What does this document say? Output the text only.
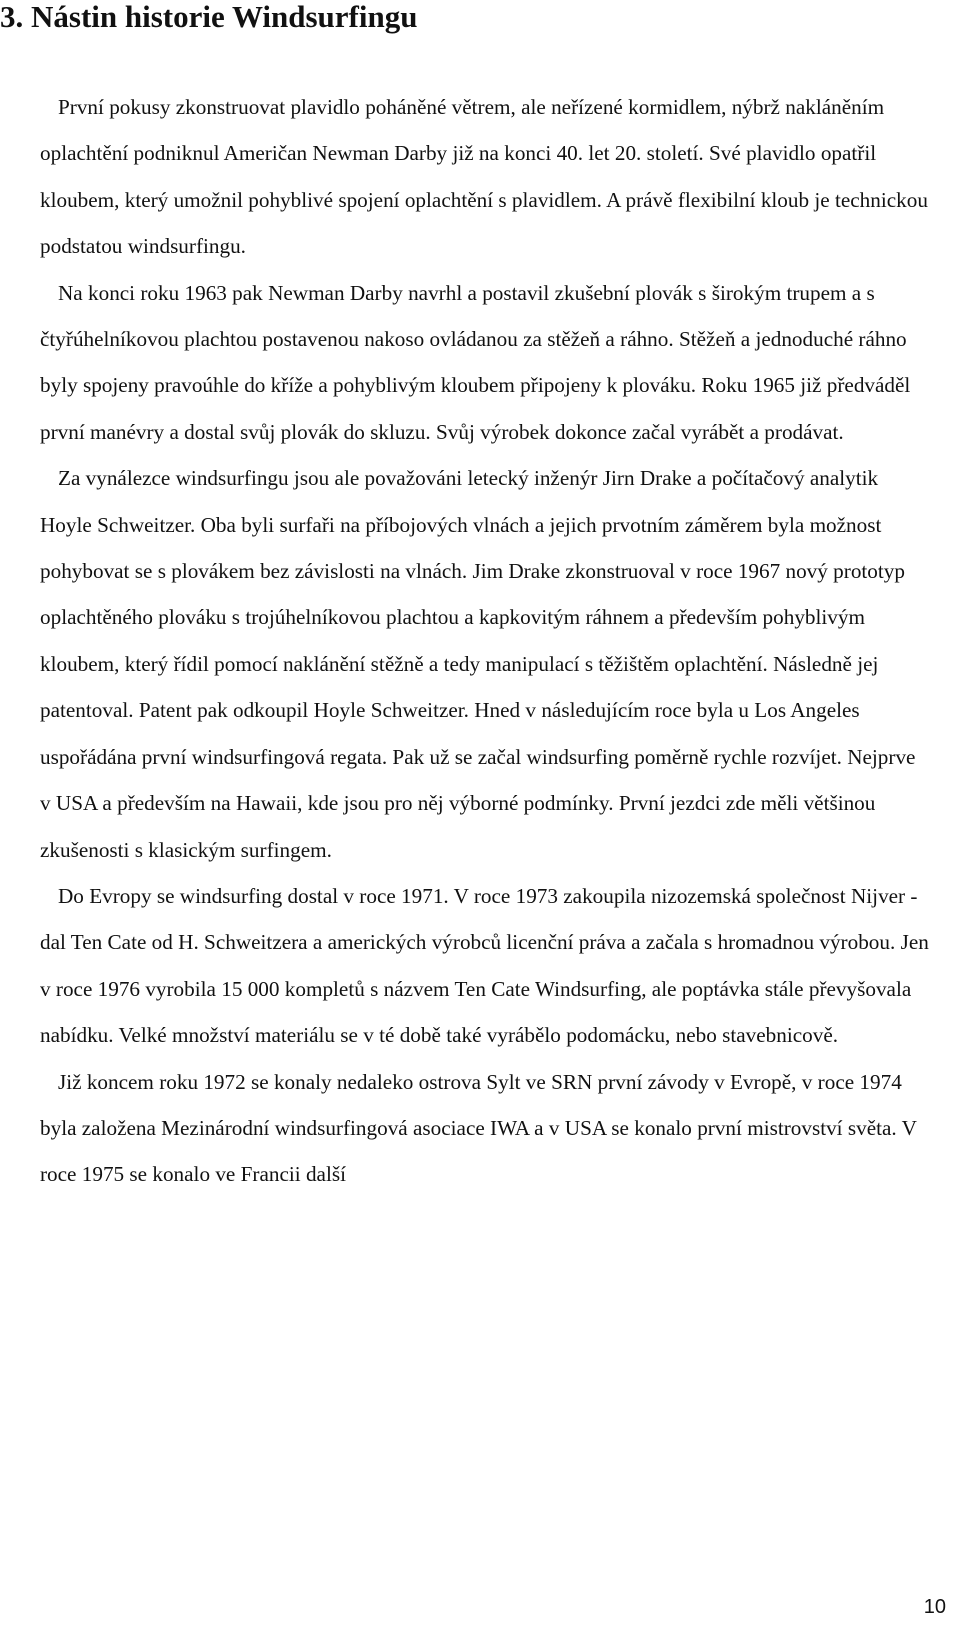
3. Nástin historie Windsurfingu

První pokusy zkonstruovat plavidlo poháněné větrem, ale neřízené kormidlem, nýbrž nakláněním oplachtění podniknul Američan Newman Darby již na konci 40. let 20. století. Své plavidlo opatřil kloubem, který umožnil pohyblivé spojení oplachtění s plavidlem. A právě flexibilní kloub je technickou podstatou windsurfingu.

Na konci roku 1963 pak Newman Darby navrhl a postavil zkušební plovák s širokým trupem a s čtyřúhelníkovou plachtou postavenou nakoso ovládanou za stěžeň a ráhno. Stěžeň a jednoduché ráhno byly spojeny pravoúhle do kříže a pohyblivým kloubem připojeny k plováku. Roku 1965 již předváděl první manévry a dostal svůj plovák do skluzu. Svůj výrobek dokonce začal vyrábět a prodávat.

Za vynálezce windsurfingu jsou ale považováni letecký inženýr Jirn Drake a počítačový analytik Hoyle Schweitzer. Oba byli surfaři na příbojových vlnách a jejich prvotním záměrem byla možnost pohybovat se s plovákem bez závislosti na vlnách. Jim Drake zkonstruoval v roce 1967 nový prototyp oplachtěného plováku s trojúhelníkovou plachtou a kapkovitým ráhnem a především pohyblivým kloubem, který řídil pomocí naklánění stěžně a tedy manipulací s těžištěm oplachtění. Následně jej patentoval. Patent pak odkoupil Hoyle Schweitzer. Hned v následujícím roce byla u Los Angeles uspořádána první windsurfingová regata. Pak už se začal windsurfing poměrně rychle rozvíjet. Nejprve v USA a především na Hawaii, kde jsou pro něj výborné podmínky. První jezdci zde měli většinou zkušenosti s klasickým surfingem.

Do Evropy se windsurfing dostal v roce 1971. V roce 1973 zakoupila nizozemská společnost Nijver -dal Ten Cate od H. Schweitzera a amerických výrobců licenční práva a začala s hromadnou výrobou. Jen v roce 1976 vyrobila 15 000 kompletů s názvem Ten Cate Windsurfing, ale poptávka stále převyšovala nabídku. Velké množství materiálu se v té době také vyrábělo podomácku, nebo stavebnicově.

Již koncem roku 1972 se konaly nedaleko ostrova Sylt ve SRN první závody v Evropě, v roce 1974 byla založena Mezinárodní windsurfingová asociace IWA a v USA se konalo první mistrovství světa. V roce 1975 se konalo ve Francii další

10
